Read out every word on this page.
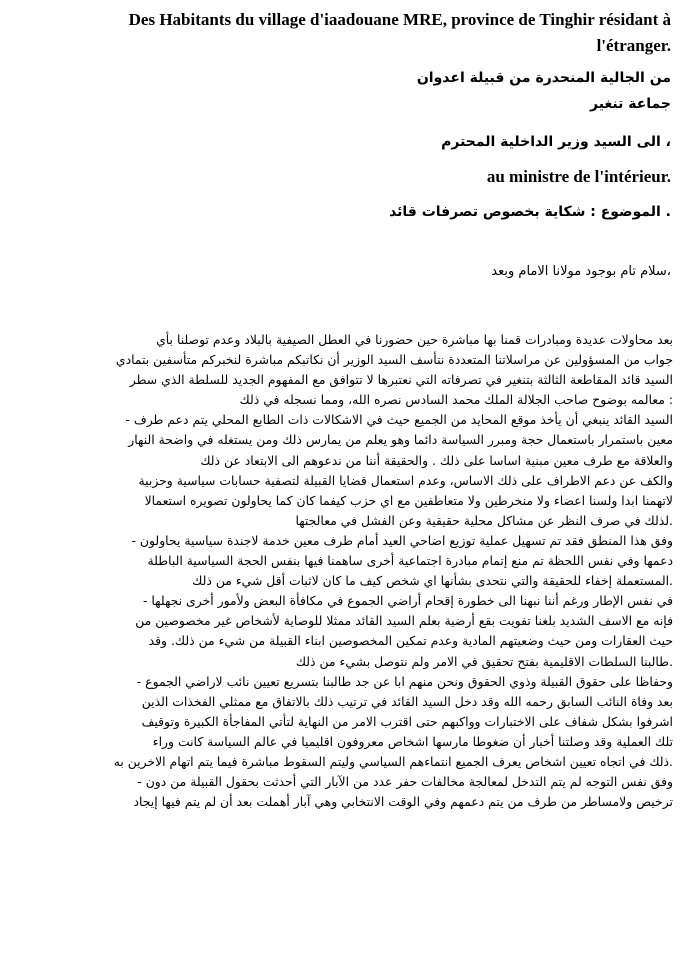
Des Habitants du village d'iaadouane MRE, province de Tinghir résidant à
l'étranger.
من الجالية المنحدرة من قبيلة اعدوان
جماعة تنغير
، الى السيد وزير الداخلية المحترم
au ministre de l'intérieur.
. الموضوع : شكاية بخصوص تصرفات قائد
،سلام تام بوجود مولانا الامام وبعد
بعد محاولات عديدة ومبادرات قمنا بها مباشرة حين حضورنا في العطل الصيفية بالبلاد وعدم توصلنا بأي
جواب من المسؤولين عن مراسلاتنا المتعددة نتأسف السيد الوزير أن نكاتبكم مباشرة لنخبركم متأسفين بتمادي
السيد قائد المقاطعة الثالثة بتنغير في تصرفاته التي نعتبرها لا تتوافق مع المفهوم الجديد للسلطة الذي سطر
: معالمه بوضوح صاحب الجلالة الملك محمد السادس نصره الله، ومما نسجله في ذلك
السيد القائد ينبغي أن يأخذ موقع المحايد من الجميع حيث في الاشكالات ذات الطابع المحلي يتم دعم طرف -
معين باستمرار باستعمال حجة ومبرر السياسة دائما وهو يعلم من يمارس ذلك ومن يستغله في واضحة النهار
والعلاقة مع طرف معين مبنية اساسا على ذلك . والحقيقة أننا من ندعوهم الى الابتعاد عن ذلك
والكف عن دعم الاطراف على ذلك الاساس، وعدم استعمال قضايا القبيلة لتصفية حسابات سياسية وحزبية
لاتهمنا ابدا ولسنا اعضاء ولا منخرطين ولا متعاطفين مع اي حزب كيفما كان كما يحاولون تصويره استعمالا
.لذلك في صرف النظر عن مشاكل محلية حقيقية وعن الفشل في معالجتها
وفق هذا المنطق فقد تم تسهيل عملية توزيع اضاحي العيد أمام طرف معين خدمة لاجندة سياسية يحاولون -
دعمها وفي نفس اللحظة تم منع إتمام مبادرة اجتماعية أخرى ساهمنا فيها بنفس الحجة السياسية الباطلة
.المستعملة إخفاء للحقيقة والتي نتحدى بشأنها اي شخص كيف ما كان لاثبات أقل شيء من ذلك
في نفس الإطار ورغم أننا نبهنا الى خطورة إقحام أراضي الجموع في مكافأة البعض ولأمور أخرى نجهلها -
فإنه مع الاسف الشديد بلغنا تفويت بقع أرضية بعلم السيد القائد ممثلا للوصاية لأشخاص غير مخصوصين من
حيث العقارات ومن حيث وضعيتهم المادية وعدم تمكين المخصوصين ابناء القبيلة من شيء من ذلك. وقد
.طالبنا السلطات الاقليمية بفتح تحقيق في الامر ولم نتوصل بشيء من ذلك
وحفاظا على حقوق القبيلة وذوي الحقوق ونحن منهم ابا عن جد طالبنا بتسريع تعيين نائب لاراضي الجموع -
بعد وفاة النائب السابق رحمه الله وقد دخل السيد القائد في ترتيب ذلك بالاتفاق مع ممثلي الفخذات الذين
اشرفوا بشكل شفاف على الاختبارات وواكبهم حتى اقترب الامر من النهاية لتأتي المفاجأة الكبيرة وتوقيف
تلك العملية وقد وصلتنا أخبار أن ضغوطا مارسها اشخاص معروفون اقليميا في عالم السياسة كانت وراء
.ذلك في اتجاه تعيين اشخاص يعرف الجميع انتماءهم السياسي وليتم السقوط مباشرة فيما يتم اتهام الاخرين به
وفق نفس التوجه لم يتم التدخل لمعالجة مخالفات حفر عدد من الآبار التي أحدثت بحقول القبيلة من دون -
ترخيص ولامساطر من طرف من يتم دعمهم وفي الوقت الانتخابي وهي آبار أهملت بعد أن لم يتم فيها إيجاد
